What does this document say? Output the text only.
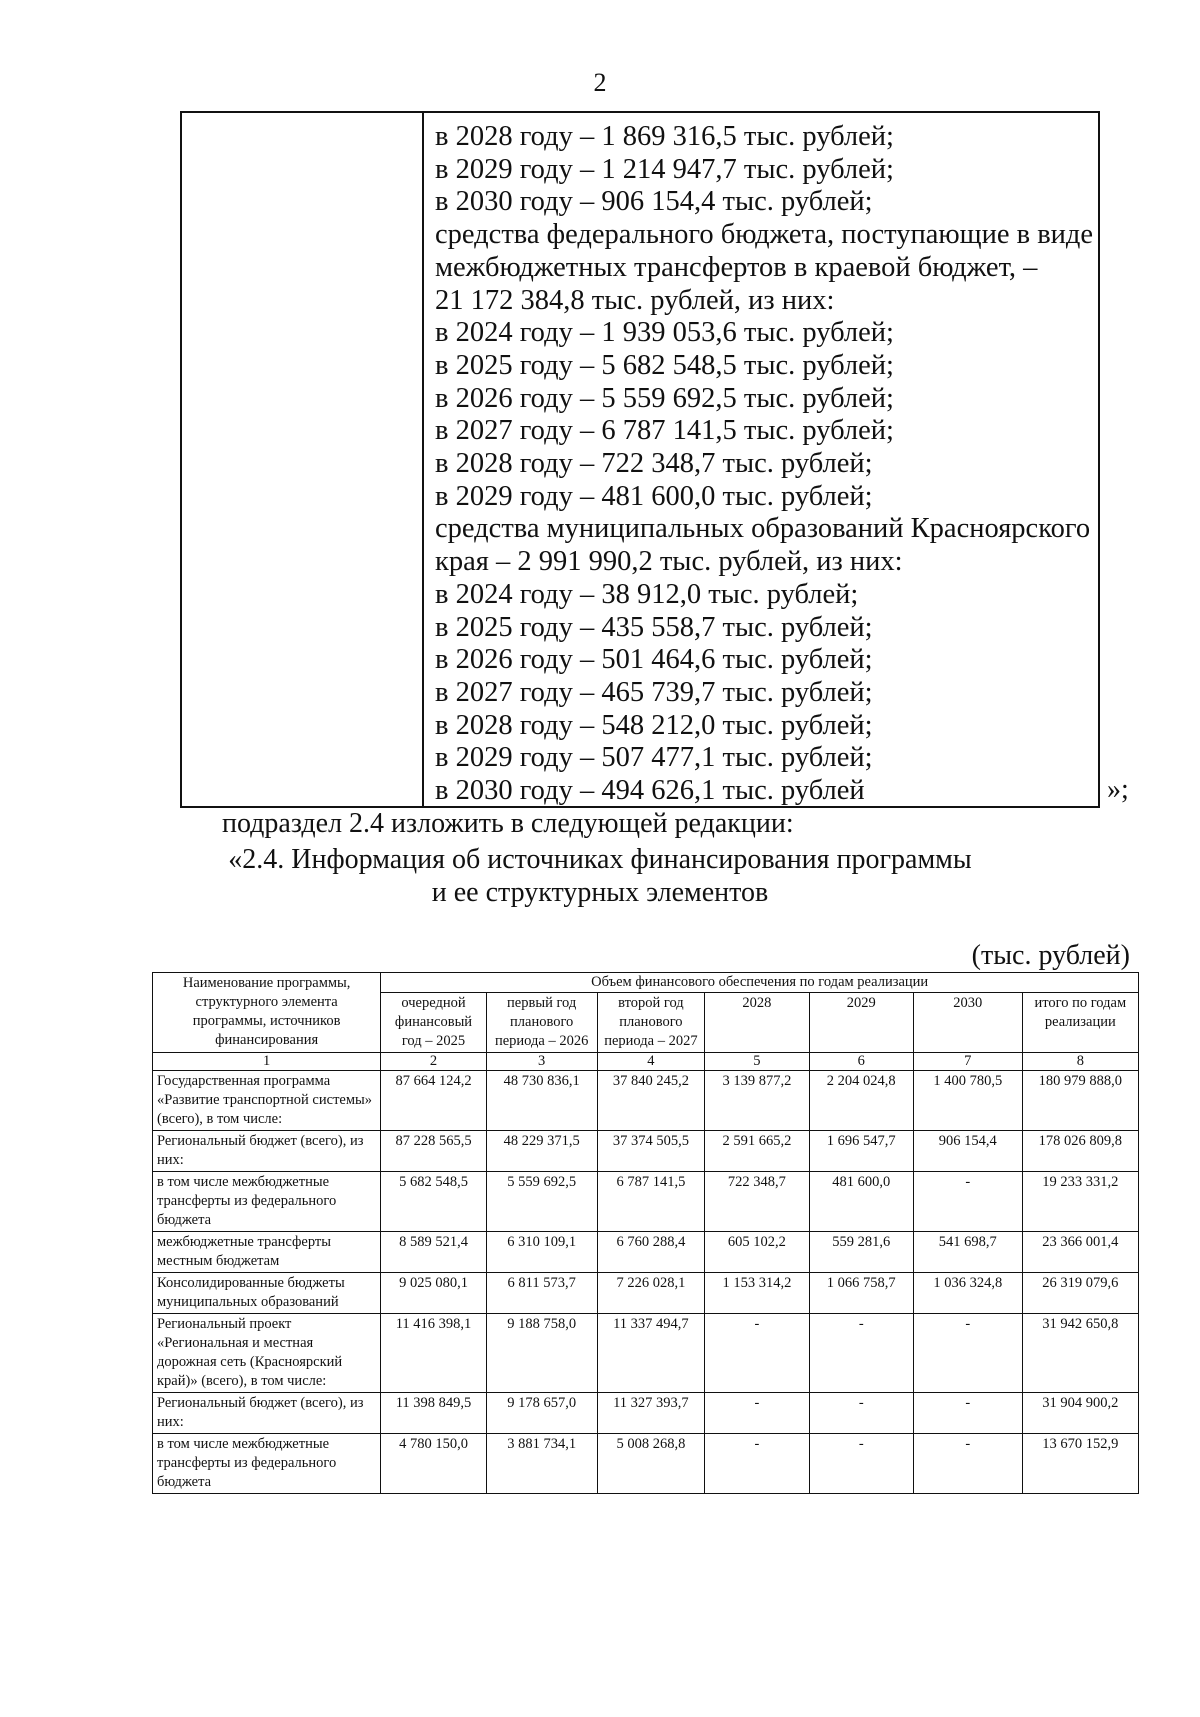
2
в 2028 году – 1 869 316,5 тыс. рублей;
в 2029 году – 1 214 947,7 тыс. рублей;
в 2030 году – 906 154,4 тыс. рублей;
средства федерального бюджета, поступающие в виде
межбюджетных трансфертов в краевой бюджет, –
21 172 384,8 тыс. рублей, из них:
в 2024 году – 1 939 053,6 тыс. рублей;
в 2025 году – 5 682 548,5 тыс. рублей;
в 2026 году – 5 559 692,5 тыс. рублей;
в 2027 году – 6 787 141,5 тыс. рублей;
в 2028 году – 722 348,7 тыс. рублей;
в 2029 году – 481 600,0 тыс. рублей;
средства муниципальных образований Красноярского
края – 2 991 990,2 тыс. рублей, из них:
в 2024 году – 38 912,0 тыс. рублей;
в 2025 году – 435 558,7 тыс. рублей;
в 2026 году – 501 464,6 тыс. рублей;
в 2027 году – 465 739,7 тыс. рублей;
в 2028 году – 548 212,0 тыс. рублей;
в 2029 году – 507 477,1 тыс. рублей;
в 2030 году – 494 626,1 тыс. рублей	»;
подраздел 2.4 изложить в следующей редакции:
«2.4. Информация об источниках финансирования программы
и ее структурных элементов
(тыс. рублей)
Наименование программы, структурного элемента программы, источников финансирования	Объем финансового обеспечения по годам реализации						
	очередной финансовый год – 2025	первый год планового периода – 2026	второй год планового периода – 2027	2028	2029	2030	итого по годам реализации
1	2	3	4	5	6	7	8
Государственная программа «Развитие транспортной системы» (всего), в том числе:	87 664 124,2	48 730 836,1	37 840 245,2	3 139 877,2	2 204 024,8	1 400 780,5	180 979 888,0
Региональный бюджет (всего), из них:	87 228 565,5	48 229 371,5	37 374 505,5	2 591 665,2	1 696 547,7	906 154,4	178 026 809,8
в том числе межбюджетные трансферты из федерального бюджета	5 682 548,5	5 559 692,5	6 787 141,5	722 348,7	481 600,0	-	19 233 331,2
межбюджетные трансферты местным бюджетам	8 589 521,4	6 310 109,1	6 760 288,4	605 102,2	559 281,6	541 698,7	23 366 001,4
Консолидированные бюджеты муниципальных образований	9 025 080,1	6 811 573,7	7 226 028,1	1 153 314,2	1 066 758,7	1 036 324,8	26 319 079,6
Региональный проект «Региональная и местная дорожная сеть (Красноярский край)» (всего), в том числе:	11 416 398,1	9 188 758,0	11 337 494,7	-	-	-	31 942 650,8
Региональный бюджет (всего), из них:	11 398 849,5	9 178 657,0	11 327 393,7	-	-	-	31 904 900,2
в том числе межбюджетные трансферты из федерального бюджета	4 780 150,0	3 881 734,1	5 008 268,8	-	-	-	13 670 152,9
